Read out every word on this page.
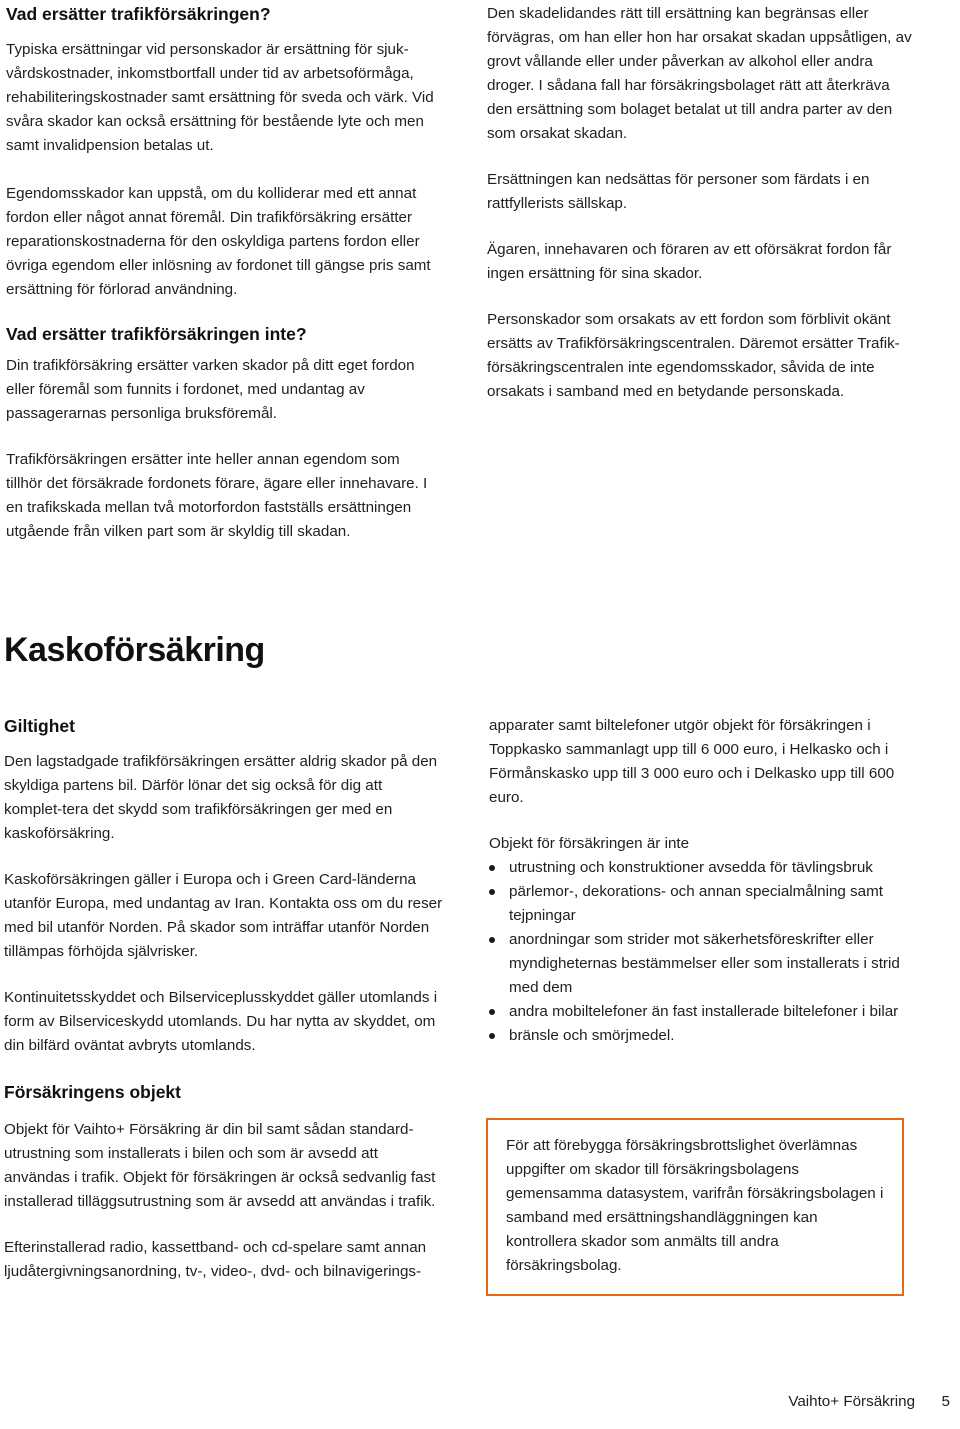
Vad ersätter trafikförsäkringen?

Typiska ersättningar vid personskador är ersättning för sjuk-vårdskostnader, inkomstbortfall under tid av arbetsoförmåga, rehabiliteringskostnader samt ersättning för sveda och värk. Vid svåra skador kan också ersättning för bestående lyte och men samt invalidpension betalas ut.

Egendomsskador kan uppstå, om du kolliderar med ett annat fordon eller något annat föremål. Din trafikförsäkring ersätter reparationskostnaderna för den oskyldiga partens fordon eller övriga egendom eller inlösning av fordonet till gängse pris samt ersättning för förlorad användning.

Vad ersätter trafikförsäkringen inte?

Din trafikförsäkring ersätter varken skador på ditt eget fordon eller föremål som funnits i fordonet, med undantag av passagerarnas personliga bruksföremål.

Trafikförsäkringen ersätter inte heller annan egendom som tillhör det försäkrade fordonets förare, ägare eller innehavare. I en trafikskada mellan två motorfordon fastställs ersättningen utgående från vilken part som är skyldig till skadan.

Den skadelidandes rätt till ersättning kan begränsas eller förvägras, om han eller hon har orsakat skadan uppsåtligen, av grovt vållande eller under påverkan av alkohol eller andra droger. I sådana fall har försäkringsbolaget rätt att återkräva den ersättning som bolaget betalat ut till andra parter av den som orsakat skadan.

Ersättningen kan nedsättas för personer som färdats i en rattfyllerists sällskap.

Ägaren, innehavaren och föraren av ett oförsäkrat fordon får ingen ersättning för sina skador.

Personskador som orsakats av ett fordon som förblivit okänt ersätts av Trafikförsäkringscentralen. Däremot ersätter Trafik-försäkringscentralen inte egendomsskador, såvida de inte orsakats i samband med en betydande personskada.

Kaskoförsäkring
Giltighet

Den lagstadgade trafikförsäkringen ersätter aldrig skador på den skyldiga partens bil. Därför lönar det sig också för dig att komplet-tera det skydd som trafikförsäkringen ger med en kaskoförsäkring.

Kaskoförsäkringen gäller i Europa och i Green Card-länderna utanför Europa, med undantag av Iran. Kontakta oss om du reser med bil utanför Norden. På skador som inträffar utanför Norden tillämpas förhöjda självrisker.

Kontinuitetsskyddet och Bilserviceplusskyddet gäller utomlands i form av Bilserviceskydd utomlands. Du har nytta av skyddet, om din bilfärd oväntat avbryts utomlands.

Försäkringens objekt

Objekt för Vaihto+ Försäkring är din bil samt sådan standard-utrustning som installerats i bilen och som är avsedd att användas i trafik. Objekt för försäkringen är också sedvanlig fast installerad tilläggsutrustning som är avsedd att användas i trafik.

Efterinstallerad radio, kassettband- och cd-spelare samt annan ljudåtergivningsanordning, tv-, video-, dvd- och bilnavigerings-

apparater samt biltelefoner utgör objekt för försäkringen i Toppkasko sammanlagt upp till 6 000 euro, i Helkasko och i Förmånskasko upp till 3 000 euro och i Delkasko upp till 600 euro.

Objekt för försäkringen är inte

utrustning och konstruktioner avsedda för tävlingsbruk
pärlemor-, dekorations- och annan specialmålning samt tejpningar
anordningar som strider mot säkerhetsföreskrifter eller myndigheternas bestämmelser eller som installerats i strid med dem
andra mobiltelefoner än fast installerade biltelefoner i bilar
bränsle och smörjmedel.

För att förebygga försäkringsbrottslighet överlämnas uppgifter om skador till försäkringsbolagens gemensamma datasystem, varifrån försäkringsbolagen i samband med ersättningshandläggningen kan kontrollera skador som anmälts till andra försäkringsbolag.

Vaihto+ Försäkring 5
